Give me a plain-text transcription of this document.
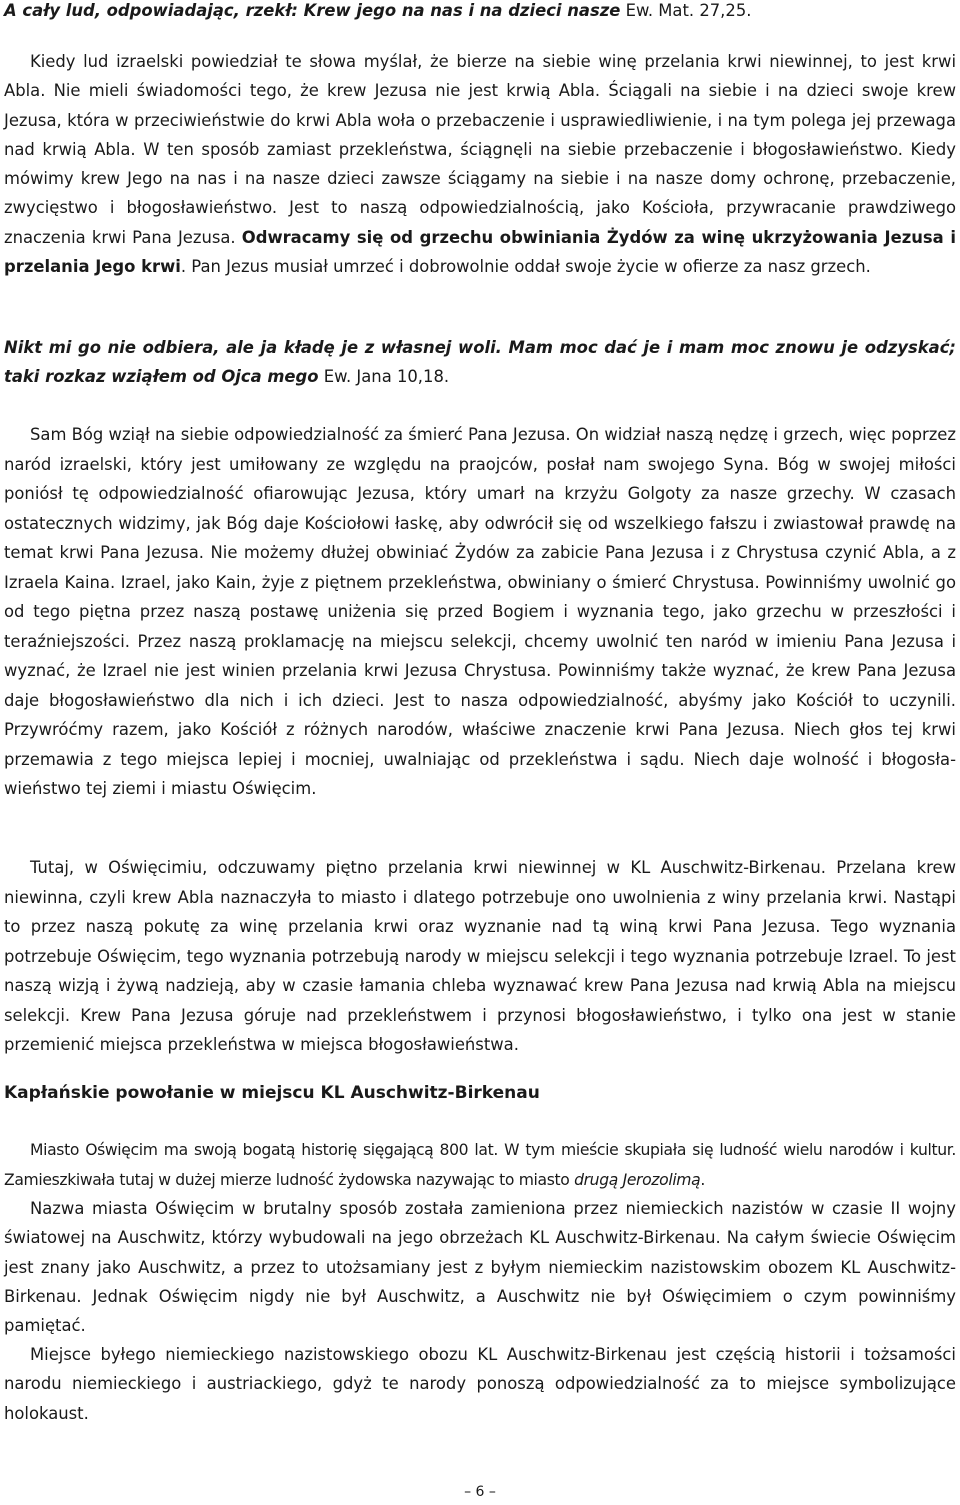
A cały lud, odpowiadając, rzekł: Krew jego na nas i na dzieci nasze Ew. Mat. 27,25.

Kiedy lud izraelski powiedział te słowa myślał, że bierze na siebie winę przelania krwi niewinnej, to jest krwi Abla. Nie mieli świadomości tego, że krew Jezusa nie jest krwią Abla. Ściągali na siebie i na dzieci swoje krew Jezusa, która w przeciwieństwie do krwi Abla woła o przebaczenie i usprawiedliwienie, i na tym polega jej przewaga nad krwią Abla. W ten sposób zamiast przekleństwa, ściągnęli na siebie przebaczenie i błogosławieństwo. Kiedy mówimy krew Jego na nas i na nasze dzieci zawsze ściągamy na siebie i na nasze domy ochronę, przebaczenie, zwycięstwo i błogosławieństwo. Jest to naszą odpowiedzialnością, jako Kościoła, przywracanie prawdziwego znaczenia krwi Pana Jezusa. Odwracamy się od grzechu obwiniania Żydów za winę ukrzyżowania Jezusa i przelania Jego krwi. Pan Jezus musiał umrzeć i dobrowolnie oddał swoje życie w ofierze za nasz grzech.

Nikt mi go nie odbiera, ale ja kładę je z własnej woli. Mam moc dać je i mam moc znowu je odzyskać; taki rozkaz wziąłem od Ojca mego Ew. Jana 10,18.

Sam Bóg wziął na siebie odpowiedzialność za śmierć Pana Jezusa. On widział naszą nędzę i grzech, więc poprzez naród izraelski, który jest umiłowany ze względu na praojców, posłał nam swojego Syna. Bóg w swojej miłości poniósł tę odpowiedzialność ofiarowując Jezusa, który umarł na krzyżu Golgoty za nasze grzechy. W czasach ostatecznych widzimy, jak Bóg daje Kościołowi łaskę, aby odwrócił się od wszelkiego fałszu i zwiastował prawdę na temat krwi Pana Jezusa. Nie możemy dłużej obwiniać Żydów za zabicie Pana Jezusa i z Chrystusa czynić Abla, a z Izraela Kaina. Izrael, jako Kain, żyje z piętnem przekleństwa, obwiniany o śmierć Chrystusa. Powinniśmy uwolnić go od tego piętna przez naszą postawę uniżenia się przed Bogiem i wyznania tego, jako grzechu w przeszłości i teraźniejszości. Przez naszą proklamację na miejscu selekcji, chcemy uwolnić ten naród w imieniu Pana Jezusa i wyznać, że Izrael nie jest winien przelania krwi Jezusa Chrystusa. Powinniśmy także wyznać, że krew Pana Jezusa daje błogosławieństwo dla nich i ich dzieci. Jest to nasza odpowiedzialność, abyśmy jako Kościół to uczynili. Przywróćmy razem, jako Kościół z różnych narodów, właściwe znaczenie krwi Pana Jezusa. Niech głos tej krwi przemawia z tego miejsca lepiej i mocniej, uwalniając od przekleństwa i sądu. Niech daje wolność i błogosławieństwo tej ziemi i miastu Oświęcim.

Tutaj, w Oświęcimiu, odczuwamy piętno przelania krwi niewinnej w KL Auschwitz-Birkenau. Przelana krew niewinna, czyli krew Abla naznaczyła to miasto i dlatego potrzebuje ono uwolnienia z winy przelania krwi. Nastąpi to przez naszą pokutę za winę przelania krwi oraz wyznanie nad tą winą krwi Pana Jezusa. Tego wyznania potrzebuje Oświęcim, tego wyznania potrzebują narody w miejscu selekcji i tego wyznania potrzebuje Izrael. To jest naszą wizją i żywą nadzieją, aby w czasie łamania chleba wyznawać krew Pana Jezusa nad krwią Abla na miejscu selekcji. Krew Pana Jezusa góruje nad przekleństwem i przynosi błogosławieństwo, i tylko ona jest w stanie przemienić miejsca przekleństwa w miejsca błogosławieństwa.

Kapłańskie powołanie w miejscu KL Auschwitz-Birkenau

Miasto Oświęcim ma swoją bogatą historię sięgającą 800 lat. W tym mieście skupiała się ludność wielu narodów i kultur. Zamieszkiwała tutaj w dużej mierze ludność żydowska nazywając to miasto drugą Jerozolimą.

Nazwa miasta Oświęcim w brutalny sposób została zamieniona przez niemieckich nazistów w czasie II wojny światowej na Auschwitz, którzy wybudowali na jego obrzeżach KL Auschwitz-Birkenau. Na całym świecie Oświęcim jest znany jako Auschwitz, a przez to utożsamiany jest z byłym niemieckim nazistowskim obozem KL Auschwitz-Birkenau. Jednak Oświęcim nigdy nie był Auschwitz, a Auschwitz nie był Oświęcimiem o czym powinniśmy pamiętać.

Miejsce byłego niemieckiego nazistowskiego obozu KL Auschwitz-Birkenau jest częścią historii i tożsamości narodu niemieckiego i austriackiego, gdyż te narody ponoszą odpowiedzialność za to miejsce symbolizujące holokaust.

– 6 –
